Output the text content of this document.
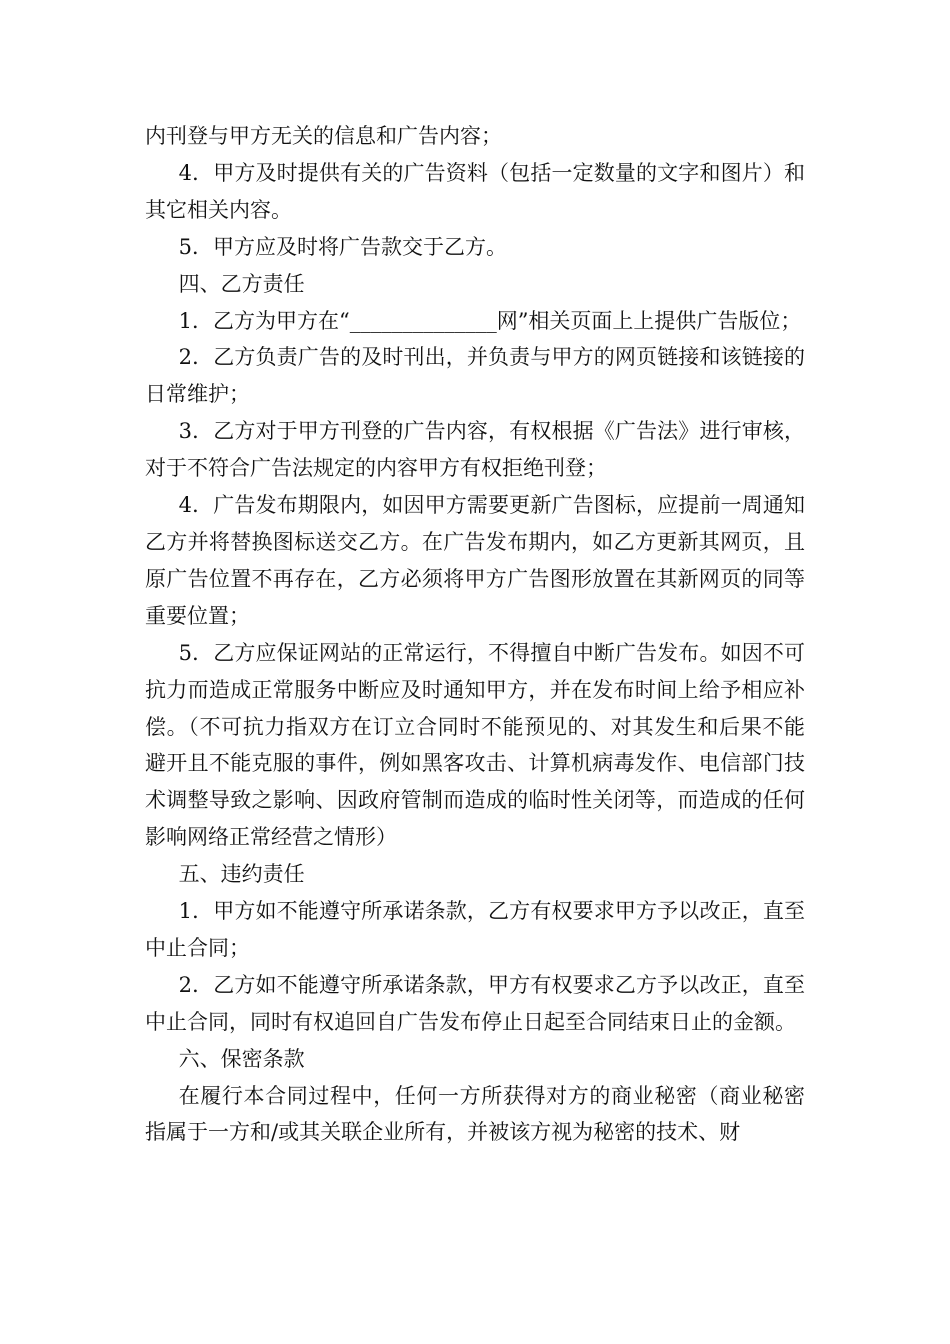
内刊登与甲方无关的信息和广告内容；

4．甲方及时提供有关的广告资料（包括一定数量的文字和图片）和其它相关内容。

5．甲方应及时将广告款交于乙方。

四、乙方责任

1．乙方为甲方在“______________网”相关页面上上提供广告版位；

2．乙方负责广告的及时刊出，并负责与甲方的网页链接和该链接的日常维护；

3．乙方对于甲方刊登的广告内容，有权根据《广告法》进行审核，对于不符合广告法规定的内容甲方有权拒绝刊登；

4．广告发布期限内，如因甲方需要更新广告图标，应提前一周通知乙方并将替换图标送交乙方。在广告发布期内，如乙方更新其网页，且原广告位置不再存在，乙方必须将甲方广告图形放置在其新网页的同等重要位置；

5．乙方应保证网站的正常运行，不得擅自中断广告发布。如因不可抗力而造成正常服务中断应及时通知甲方，并在发布时间上给予相应补偿。（不可抗力指双方在订立合同时不能预见的、对其发生和后果不能避开且不能克服的事件，例如黑客攻击、计算机病毒发作、电信部门技术调整导致之影响、因政府管制而造成的临时性关闭等，而造成的任何影响网络正常经营之情形）

五、违约责任

1．甲方如不能遵守所承诺条款，乙方有权要求甲方予以改正，直至中止合同；

2．乙方如不能遵守所承诺条款，甲方有权要求乙方予以改正，直至中止合同，同时有权追回自广告发布停止日起至合同结束日止的金额。

六、保密条款

在履行本合同过程中，任何一方所获得对方的商业秘密（商业秘密指属于一方和/或其关联企业所有，并被该方视为秘密的技术、财
